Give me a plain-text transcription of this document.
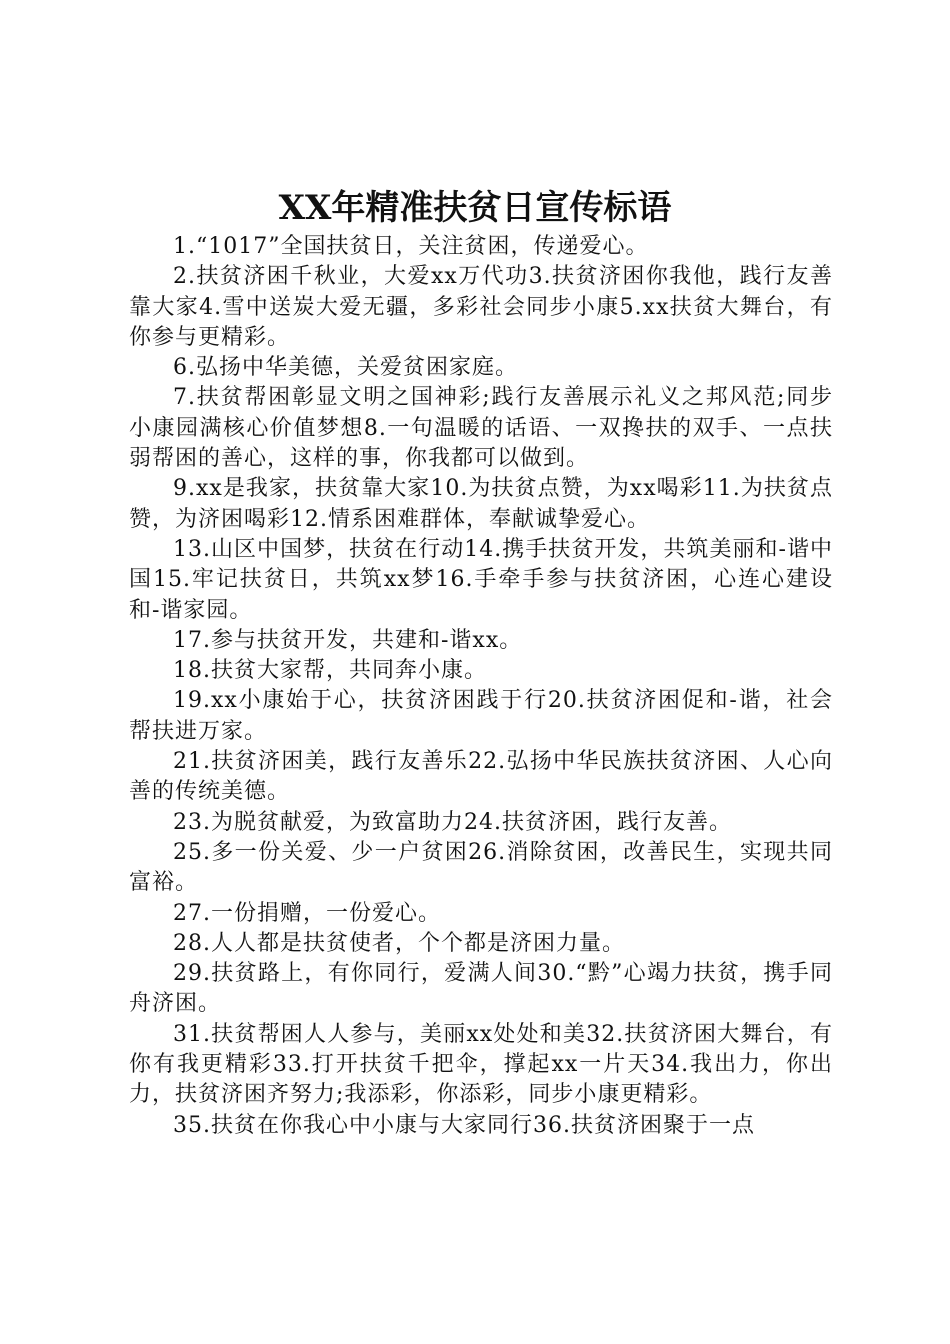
XX年精准扶贫日宣传标语

1.“1017”全国扶贫日，关注贫困，传递爱心。

2.扶贫济困千秋业，大爱xx万代功3.扶贫济困你我他，践行友善靠大家4.雪中送炭大爱无疆，多彩社会同步小康5.xx扶贫大舞台，有你参与更精彩。

6.弘扬中华美德，关爱贫困家庭。

7.扶贫帮困彰显文明之国神彩;践行友善展示礼义之邦风范;同步小康园满核心价值梦想8.一句温暖的话语、一双搀扶的双手、一点扶弱帮困的善心，这样的事，你我都可以做到。

9.xx是我家，扶贫靠大家10.为扶贫点赞，为xx喝彩11.为扶贫点赞，为济困喝彩12.情系困难群体，奉献诚挚爱心。

13.山区中国梦，扶贫在行动14.携手扶贫开发，共筑美丽和-谐中国15.牢记扶贫日，共筑xx梦16.手牵手参与扶贫济困，心连心建设和-谐家园。

17.参与扶贫开发，共建和-谐xx。

18.扶贫大家帮，共同奔小康。

19.xx小康始于心，扶贫济困践于行20.扶贫济困促和-谐，社会帮扶进万家。

21.扶贫济困美，践行友善乐22.弘扬中华民族扶贫济困、人心向善的传统美德。

23.为脱贫献爱，为致富助力24.扶贫济困，践行友善。

25.多一份关爱、少一户贫困26.消除贫困，改善民生，实现共同富裕。

27.一份捐赠，一份爱心。

28.人人都是扶贫使者，个个都是济困力量。

29.扶贫路上，有你同行，爱满人间30.“黔”心竭力扶贫，携手同舟济困。

31.扶贫帮困人人参与，美丽xx处处和美32.扶贫济困大舞台，有你有我更精彩33.打开扶贫千把伞，撑起xx一片天34.我出力，你出力，扶贫济困齐努力;我添彩，你添彩，同步小康更精彩。

35.扶贫在你我心中小康与大家同行36.扶贫济困聚于一点
